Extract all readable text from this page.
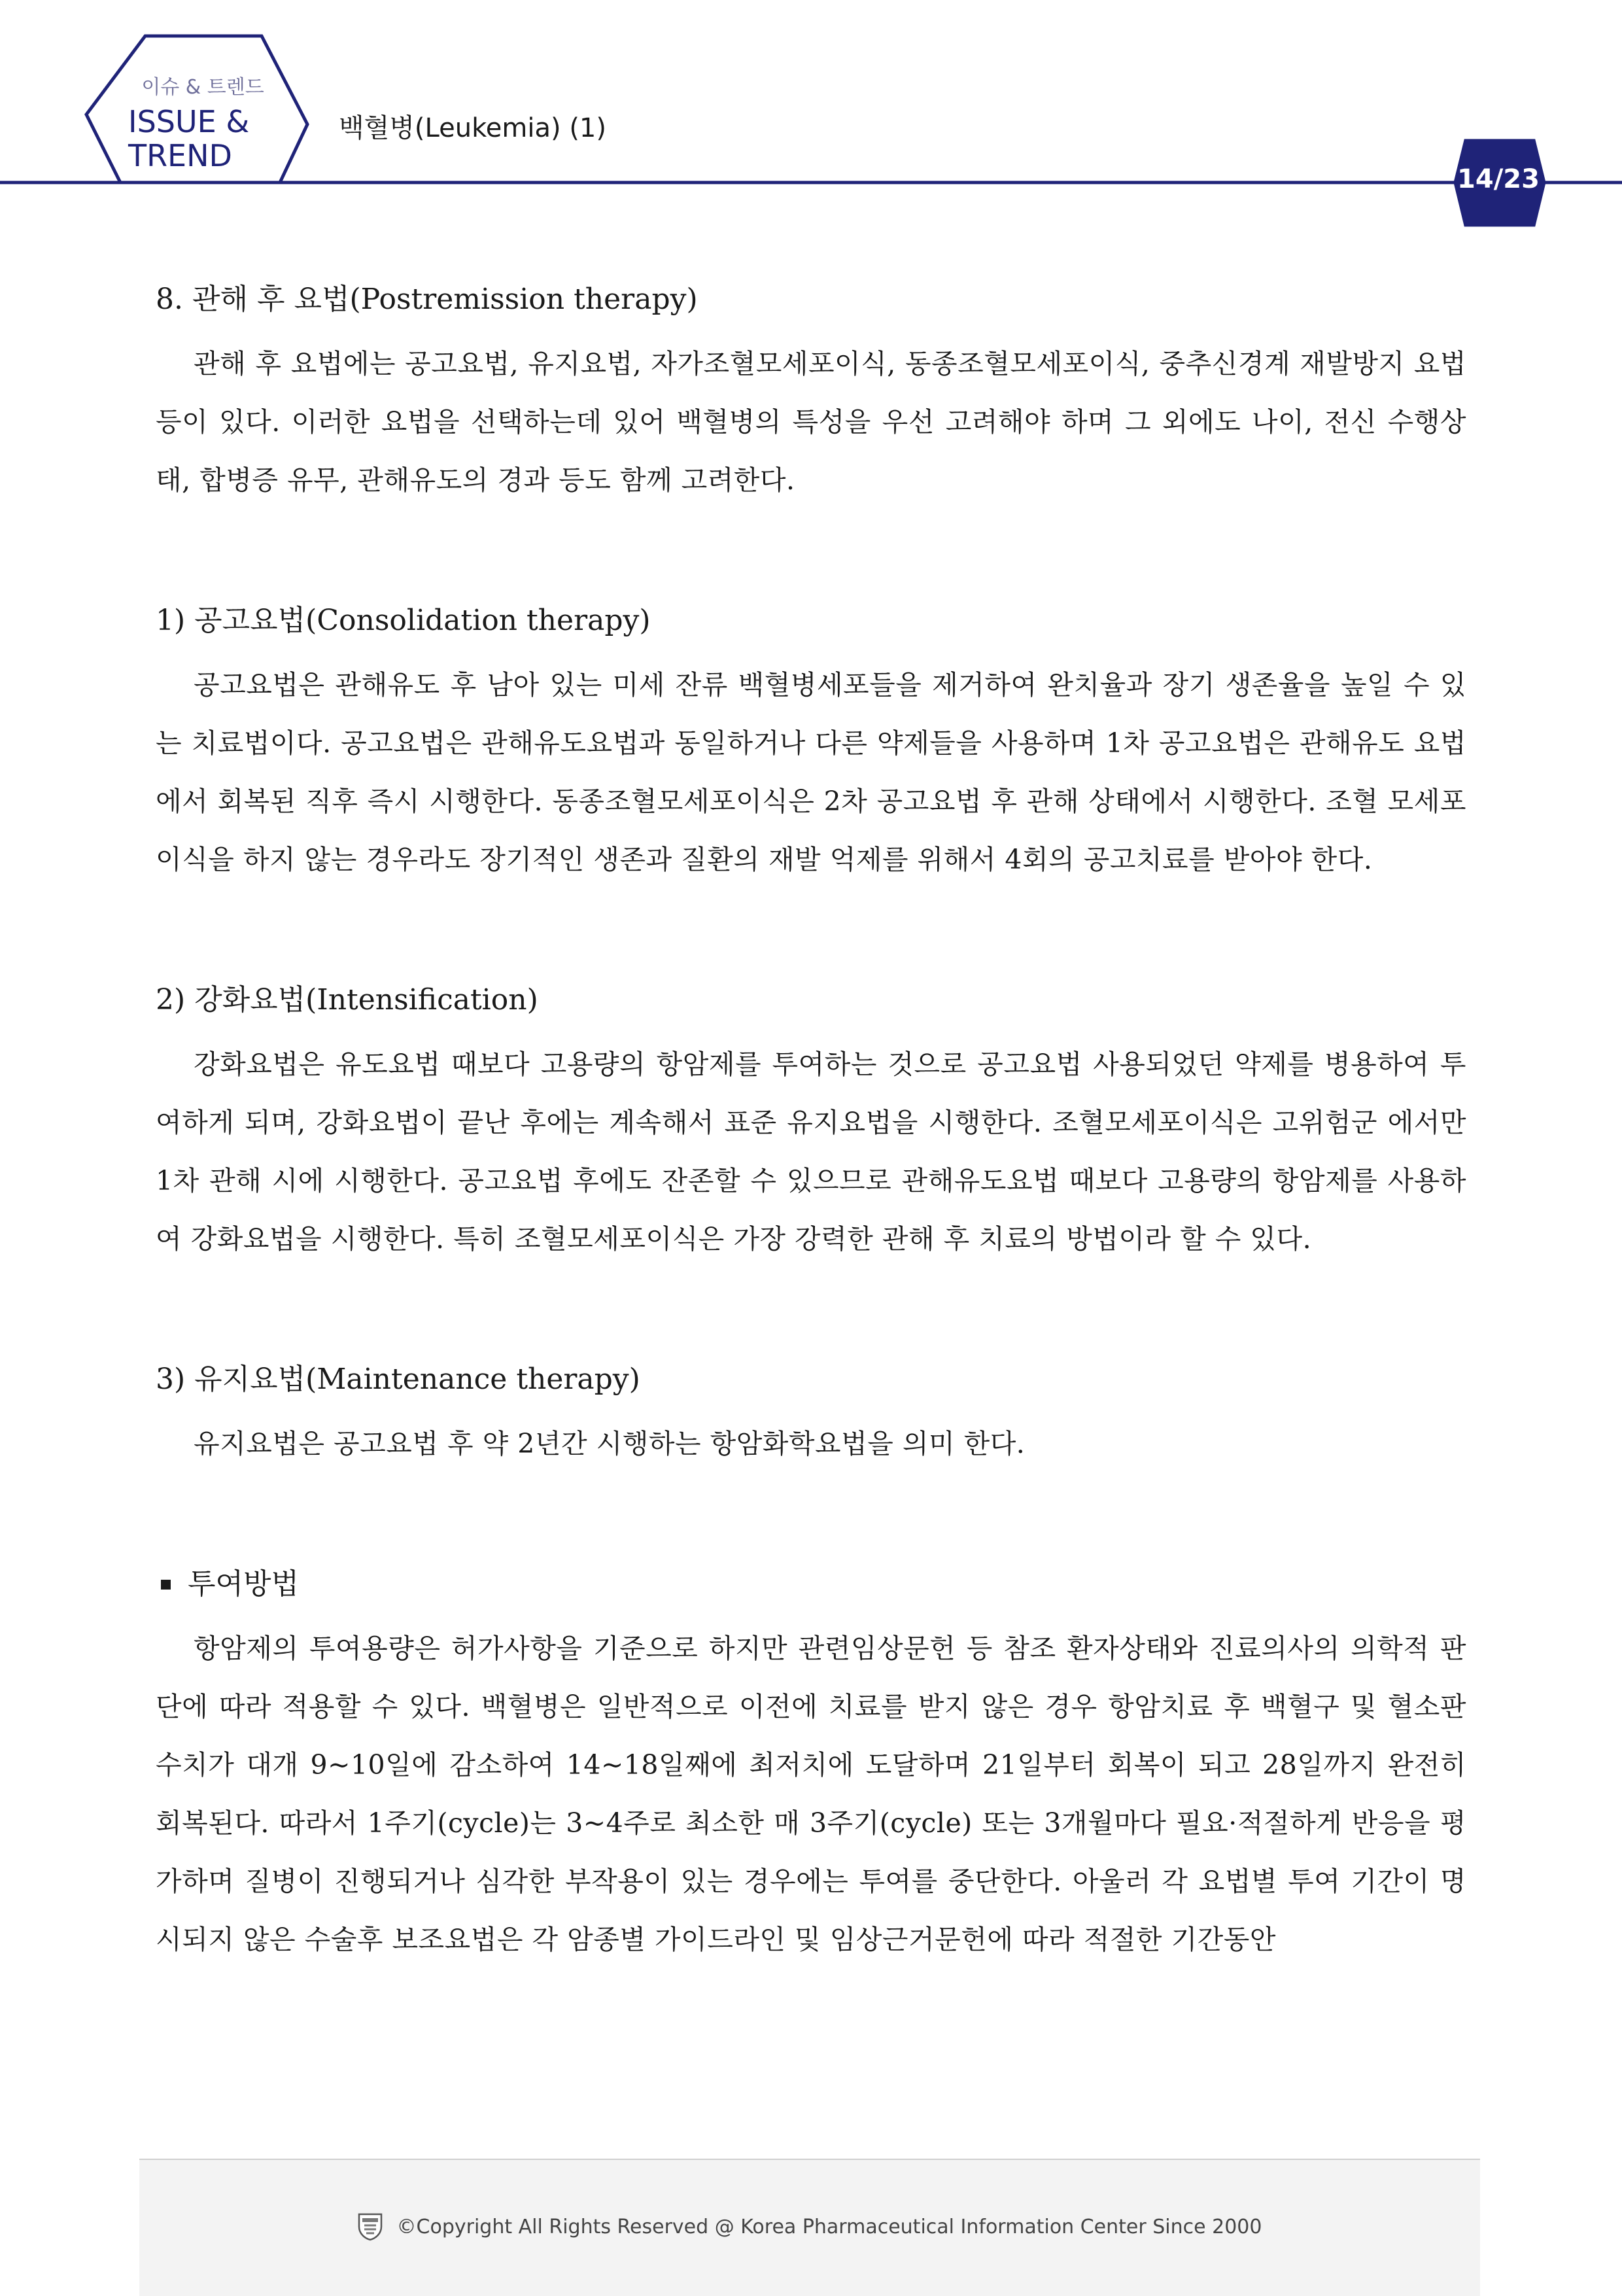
이슈 & 트렌드
ISSUE &
TREND
백혈병(Leukemia) (1)
14/23

8. 관해 후 요법(Postremission therapy)

관해 후 요법에는 공고요법, 유지요법, 자가조혈모세포이식, 동종조혈모세포이식, 중추신경계 재발방지 요법 등이 있다. 이러한 요법을 선택하는데 있어 백혈병의 특성을 우선 고려해야 하며 그 외에도 나이, 전신 수행상태, 합병증 유무, 관해유도의 경과 등도 함께 고려한다.

1) 공고요법(Consolidation therapy)

공고요법은 관해유도 후 남아 있는 미세 잔류 백혈병세포들을 제거하여 완치율과 장기 생존율을 높일 수 있는 치료법이다. 공고요법은 관해유도요법과 동일하거나 다른 약제들을 사용하며 1차 공고요법은 관해유도 요법에서 회복된 직후 즉시 시행한다. 동종조혈모세포이식은 2차 공고요법 후 관해 상태에서 시행한다. 조혈 모세포이식을 하지 않는 경우라도 장기적인 생존과 질환의 재발 억제를 위해서 4회의 공고치료를 받아야 한다.

2) 강화요법(Intensification)

강화요법은 유도요법 때보다 고용량의 항암제를 투여하는 것으로 공고요법 사용되었던 약제를 병용하여 투여하게 되며, 강화요법이 끝난 후에는 계속해서 표준 유지요법을 시행한다. 조혈모세포이식은 고위험군 에서만 1차 관해 시에 시행한다. 공고요법 후에도 잔존할 수 있으므로 관해유도요법 때보다 고용량의 항암제를 사용하여 강화요법을 시행한다. 특히 조혈모세포이식은 가장 강력한 관해 후 치료의 방법이라 할 수 있다.

3) 유지요법(Maintenance therapy)

유지요법은 공고요법 후 약 2년간 시행하는 항암화학요법을 의미 한다.

투여방법

항암제의 투여용량은 허가사항을 기준으로 하지만 관련임상문헌 등 참조 환자상태와 진료의사의 의학적 판단에 따라 적용할 수 있다. 백혈병은 일반적으로 이전에 치료를 받지 않은 경우 항암치료 후 백혈구 및 혈소판 수치가 대개 9~10일에 감소하여 14~18일째에 최저치에 도달하며 21일부터 회복이 되고 28일까지 완전히 회복된다. 따라서 1주기(cycle)는 3~4주로 최소한 매 3주기(cycle) 또는 3개월마다 필요·적절하게 반응을 평가하며 질병이 진행되거나 심각한 부작용이 있는 경우에는 투여를 중단한다. 아울러 각 요법별 투여 기간이 명시되지 않은 수술후 보조요법은 각 암종별 가이드라인 및 임상근거문헌에 따라 적절한 기간동안

©Copyright All Rights Reserved @ Korea Pharmaceutical Information Center Since 2000
